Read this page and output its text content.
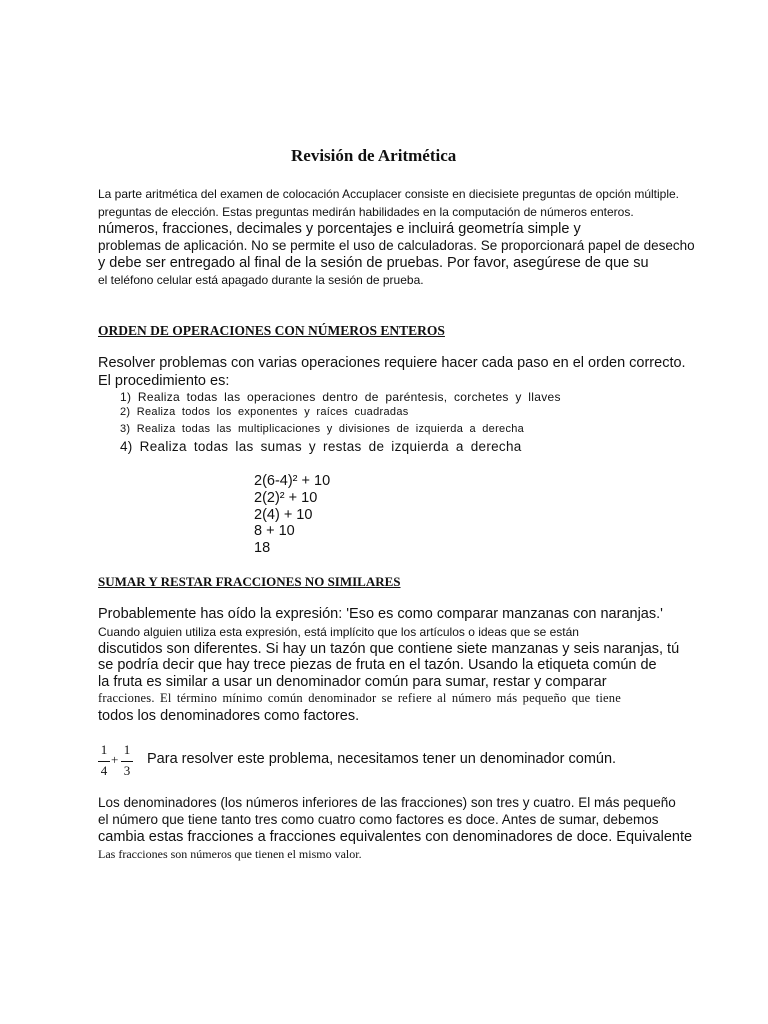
Revisión de Aritmética
La parte aritmética del examen de colocación Accuplacer consiste en diecisiete preguntas de opción múltiple.
preguntas de elección. Estas preguntas medirán habilidades en la computación de números enteros.
números, fracciones, decimales y porcentajes e incluirá geometría simple y
problemas de aplicación. No se permite el uso de calculadoras. Se proporcionará papel de desecho
y debe ser entregado al final de la sesión de pruebas. Por favor, asegúrese de que su
el teléfono celular está apagado durante la sesión de prueba.
ORDEN DE OPERACIONES CON NÚMEROS ENTEROS
Resolver problemas con varias operaciones requiere hacer cada paso en el orden correcto.
El procedimiento es:
1) Realiza todas las operaciones dentro de paréntesis, corchetes y llaves
2) Realiza todos los exponentes y raíces cuadradas
3) Realiza todas las multiplicaciones y divisiones de izquierda a derecha
4) Realiza todas las sumas y restas de izquierda a derecha
2(6-4)² + 10
2(2)² + 10
2(4) + 10
8 + 10
18
SUMAR Y RESTAR FRACCIONES NO SIMILARES
Probablemente has oído la expresión: 'Eso es como comparar manzanas con naranjas.'
Cuando alguien utiliza esta expresión, está implícito que los artículos o ideas que se están
discutidos son diferentes. Si hay un tazón que contiene siete manzanas y seis naranjas, tú
se podría decir que hay trece piezas de fruta en el tazón. Usando la etiqueta común de
la fruta es similar a usar un denominador común para sumar, restar y comparar
fracciones. El término mínimo común denominador se refiere al número más pequeño que tiene
todos los denominadores como factores.
1
4
+
1
3
Para resolver este problema, necesitamos tener un denominador común.
Los denominadores (los números inferiores de las fracciones) son tres y cuatro. El más pequeño
el número que tiene tanto tres como cuatro como factores es doce. Antes de sumar, debemos
cambia estas fracciones a fracciones equivalentes con denominadores de doce. Equivalente
Las fracciones son números que tienen el mismo valor.
